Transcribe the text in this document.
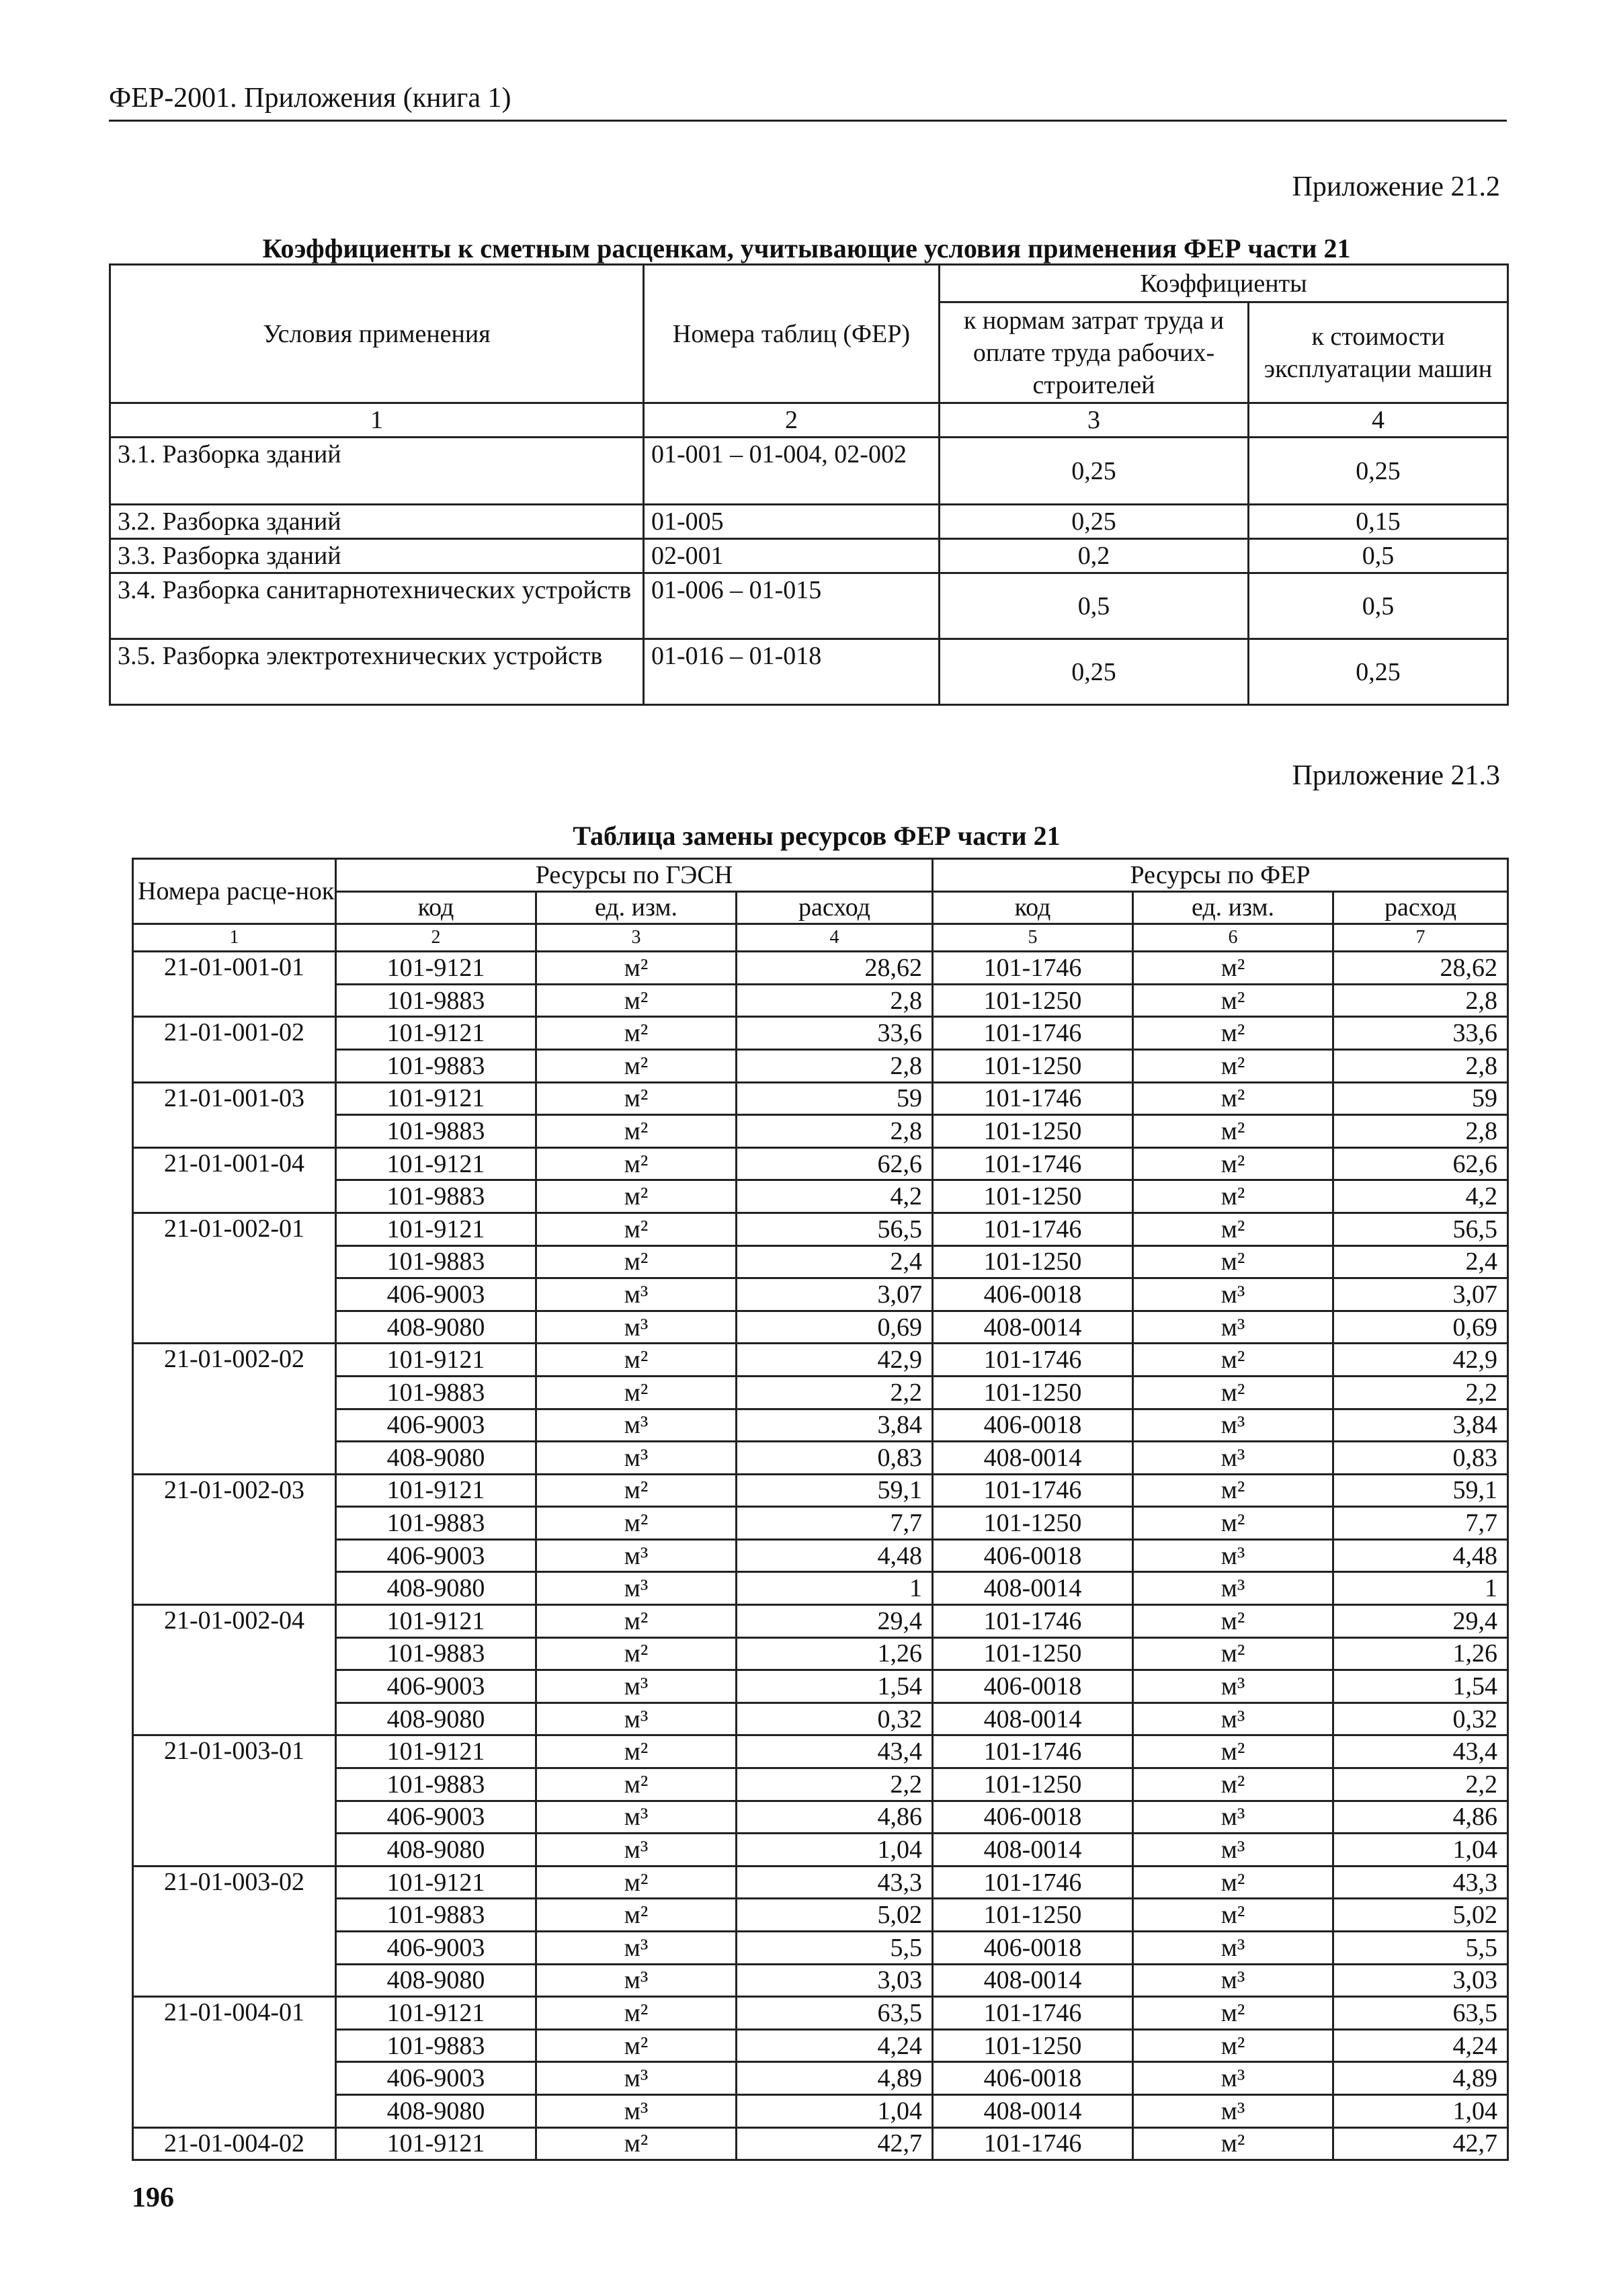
ФЕР-2001. Приложения (книга 1)
Приложение 21.2
Коэффициенты к сметным расценкам, учитывающие условия применения ФЕР части 21
Условия применения	Номера таблиц (ФЕР)	Коэффициенты	
		к нормам затрат труда и оплате труда рабочих-строителей	к стоимости эксплуатации машин
1	2	3	4
3.1. Разборка зданий	01-001 – 01-004, 02-002	0,25	0,25
3.2. Разборка зданий	01-005	0,25	0,15
3.3. Разборка зданий	02-001	0,2	0,5
3.4. Разборка санитарнотехнических устройств	01-006 – 01-015	0,5	0,5
3.5. Разборка электротехнических устройств	01-016 – 01-018	0,25	0,25
Приложение 21.3
Таблица замены ресурсов ФЕР части 21
Номера расце-нок	Ресурсы по ГЭСН			Ресурсы по ФЕР		
	код	ед. изм.	расход	код	ед. изм.	расход
1	2	3	4	5	6	7
21-01-001-01	101-9121	м²	28,62	101-1746	м²	28,62
	101-9883	м²	2,8	101-1250	м²	2,8
21-01-001-02	101-9121	м²	33,6	101-1746	м²	33,6
	101-9883	м²	2,8	101-1250	м²	2,8
21-01-001-03	101-9121	м²	59	101-1746	м²	59
	101-9883	м²	2,8	101-1250	м²	2,8
21-01-001-04	101-9121	м²	62,6	101-1746	м²	62,6
	101-9883	м²	4,2	101-1250	м²	4,2
21-01-002-01	101-9121	м²	56,5	101-1746	м²	56,5
	101-9883	м²	2,4	101-1250	м²	2,4
	406-9003	м³	3,07	406-0018	м³	3,07
	408-9080	м³	0,69	408-0014	м³	0,69
21-01-002-02	101-9121	м²	42,9	101-1746	м²	42,9
	101-9883	м²	2,2	101-1250	м²	2,2
	406-9003	м³	3,84	406-0018	м³	3,84
	408-9080	м³	0,83	408-0014	м³	0,83
21-01-002-03	101-9121	м²	59,1	101-1746	м²	59,1
	101-9883	м²	7,7	101-1250	м²	7,7
	406-9003	м³	4,48	406-0018	м³	4,48
	408-9080	м³	1	408-0014	м³	1
21-01-002-04	101-9121	м²	29,4	101-1746	м²	29,4
	101-9883	м²	1,26	101-1250	м²	1,26
	406-9003	м³	1,54	406-0018	м³	1,54
	408-9080	м³	0,32	408-0014	м³	0,32
21-01-003-01	101-9121	м²	43,4	101-1746	м²	43,4
	101-9883	м²	2,2	101-1250	м²	2,2
	406-9003	м³	4,86	406-0018	м³	4,86
	408-9080	м³	1,04	408-0014	м³	1,04
21-01-003-02	101-9121	м²	43,3	101-1746	м²	43,3
	101-9883	м²	5,02	101-1250	м²	5,02
	406-9003	м³	5,5	406-0018	м³	5,5
	408-9080	м³	3,03	408-0014	м³	3,03
21-01-004-01	101-9121	м²	63,5	101-1746	м²	63,5
	101-9883	м²	4,24	101-1250	м²	4,24
	406-9003	м³	4,89	406-0018	м³	4,89
	408-9080	м³	1,04	408-0014	м³	1,04
21-01-004-02	101-9121	м²	42,7	101-1746	м²	42,7
196
